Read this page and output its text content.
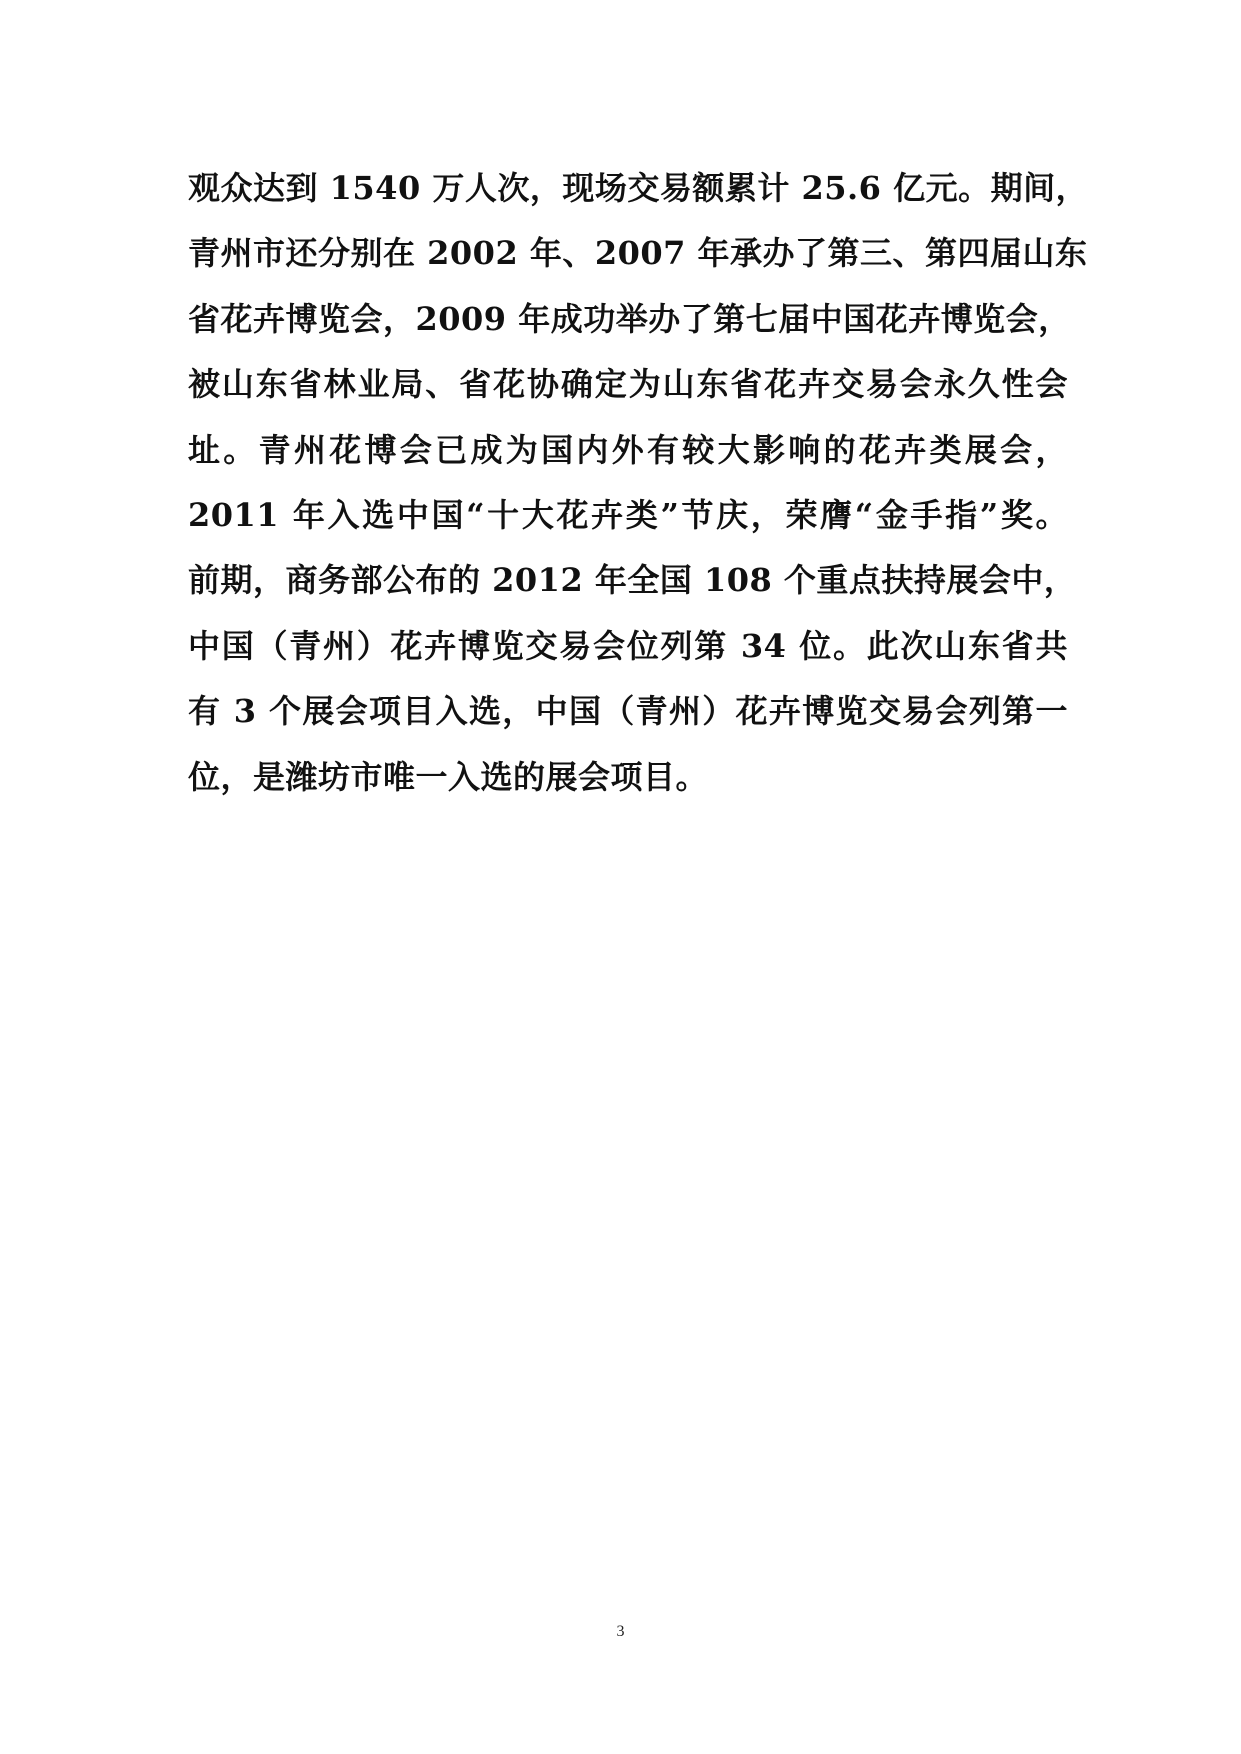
观众达到 1540 万人次，现场交易额累计 25.6 亿元。期间，
青州市还分别在 2002 年、2007 年承办了第三、第四届山东
省花卉博览会，2009 年成功举办了第七届中国花卉博览会，
被山东省林业局、省花协确定为山东省花卉交易会永久性会
址。青州花博会已成为国内外有较大影响的花卉类展会，
2011 年入选中国“十大花卉类”节庆，荣膺“金手指”奖。
前期，商务部公布的 2012 年全国 108 个重点扶持展会中，
中国（青州）花卉博览交易会位列第 34 位。此次山东省共
有 3 个展会项目入选，中国（青州）花卉博览交易会列第一
位，是潍坊市唯一入选的展会项目。
3
